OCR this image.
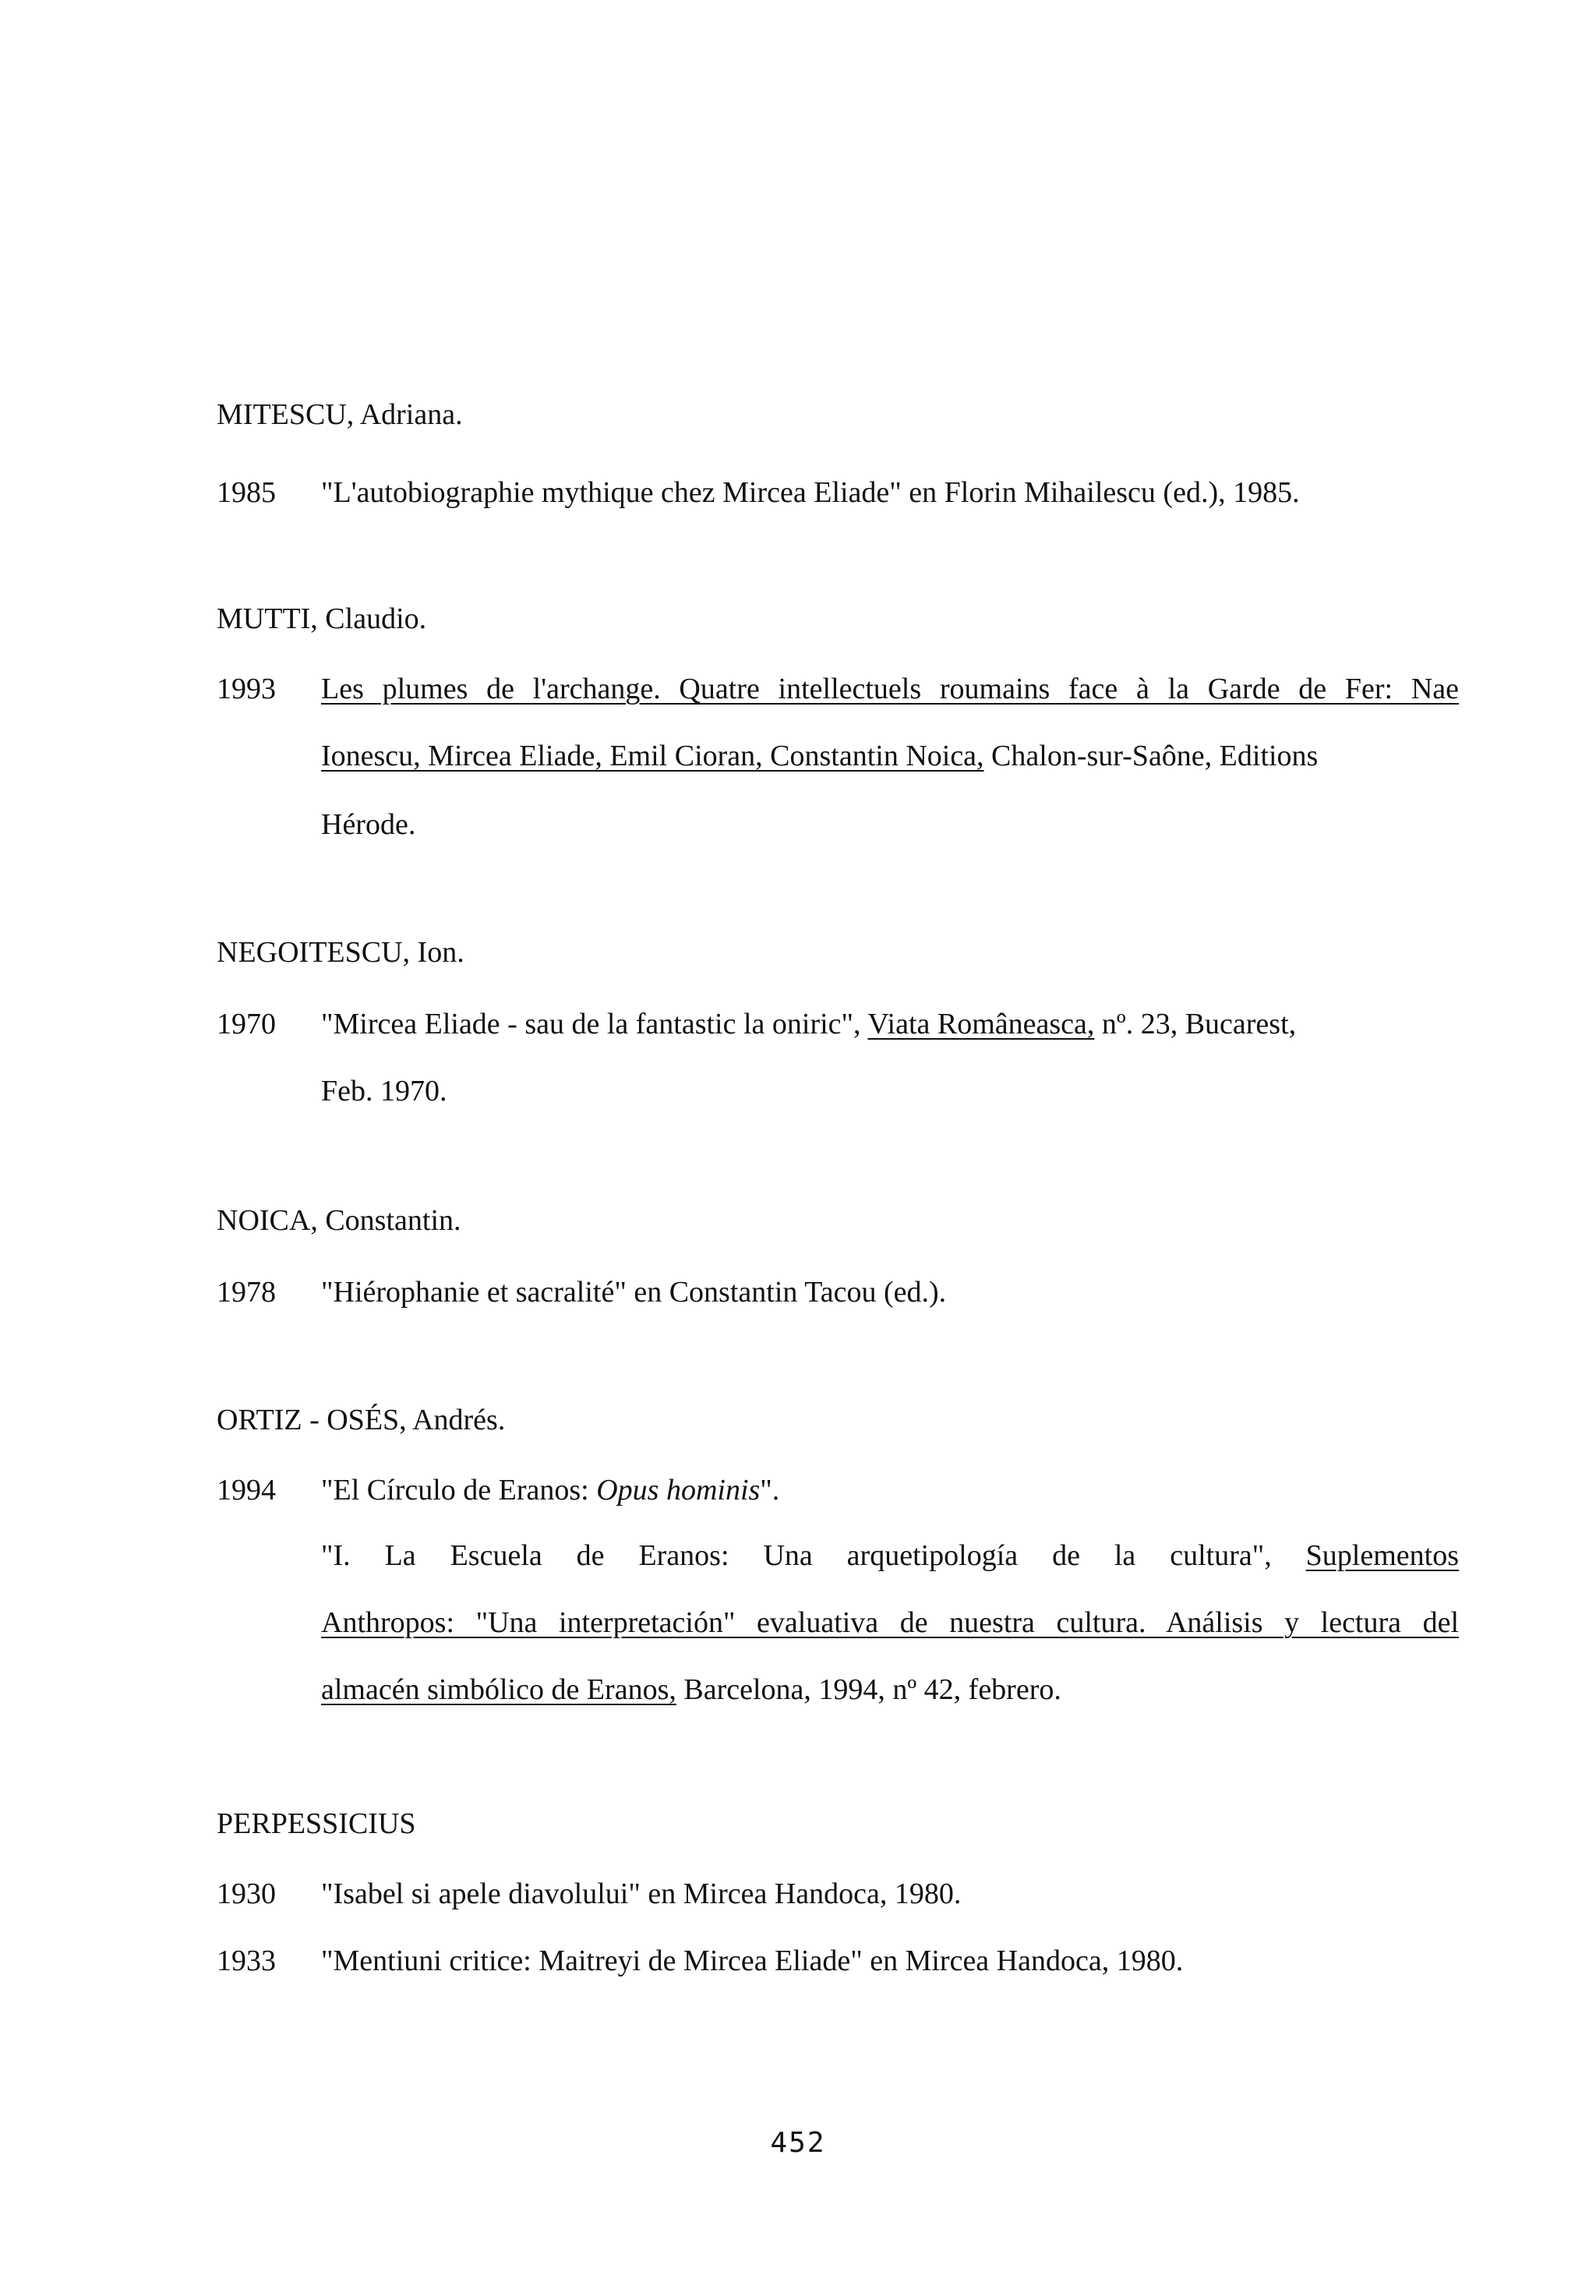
MITESCU, Adriana.
1985 "L'autobiographie mythique chez Mircea Eliade" en Florin Mihailescu (ed.), 1985.
MUTTI, Claudio.
1993 Les plumes de l'archange. Quatre intellectuels roumains face à la Garde de Fer: Nae
Ionescu, Mircea Eliade, Emil Cioran, Constantin Noica, Chalon-sur-Saône, Editions
Hérode.
NEGOITESCU, Ion.
1970 "Mircea Eliade - sau de la fantastic la oniric", Viata Româneasca, nº. 23, Bucarest,
Feb. 1970.
NOICA, Constantin.
1978 "Hiérophanie et sacralité" en Constantin Tacou (ed.).
ORTIZ - OSÉS, Andrés.
1994 "El Círculo de Eranos: Opus hominis".
"I. La Escuela de Eranos: Una arquetipología de la cultura", Suplementos
Anthropos: "Una interpretación" evaluativa de nuestra cultura. Análisis y lectura del
almacén simbólico de Eranos, Barcelona, 1994, nº 42, febrero.
PERPESSICIUS
1930 "Isabel si apele diavolului" en Mircea Handoca, 1980.
1933 "Mentiuni critice: Maitreyi de Mircea Eliade" en Mircea Handoca, 1980.
452
